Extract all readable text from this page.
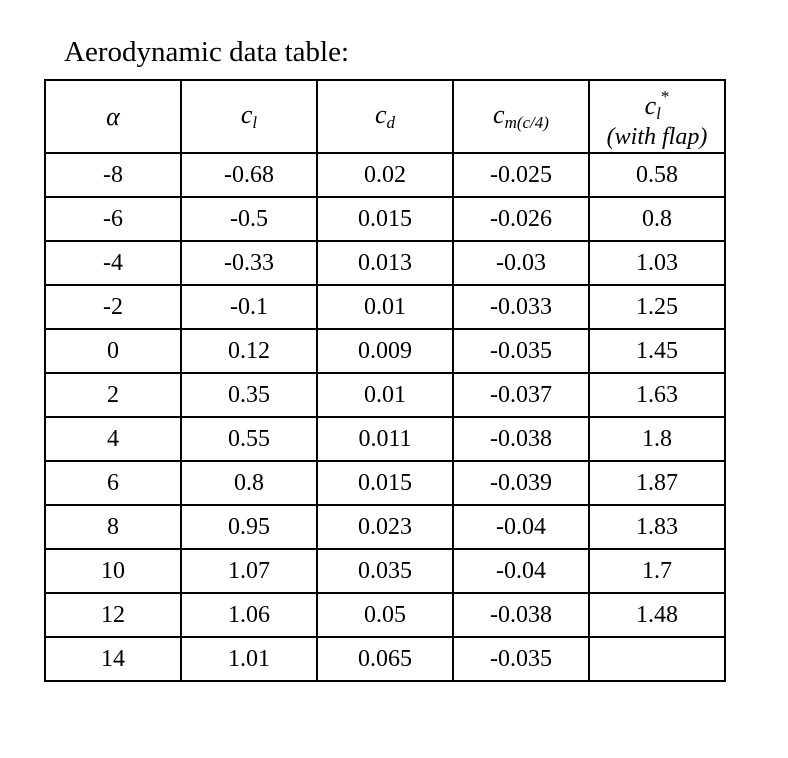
Aerodynamic data table:
α	$c_l$	$c_d$	$c_{m(c/4)}$	$c_l^*$
(with flap)

-8	-0.68	0.02	-0.025	0.58
-6	-0.5	0.015	-0.026	0.8
-4	-0.33	0.013	-0.03	1.03
-2	-0.1	0.01	-0.033	1.25
0	0.12	0.009	-0.035	1.45
2	0.35	0.01	-0.037	1.63
4	0.55	0.011	-0.038	1.8
6	0.8	0.015	-0.039	1.87
8	0.95	0.023	-0.04	1.83
10	1.07	0.035	-0.04	1.7
12	1.06	0.05	-0.038	1.48
14	1.01	0.065	-0.035	
